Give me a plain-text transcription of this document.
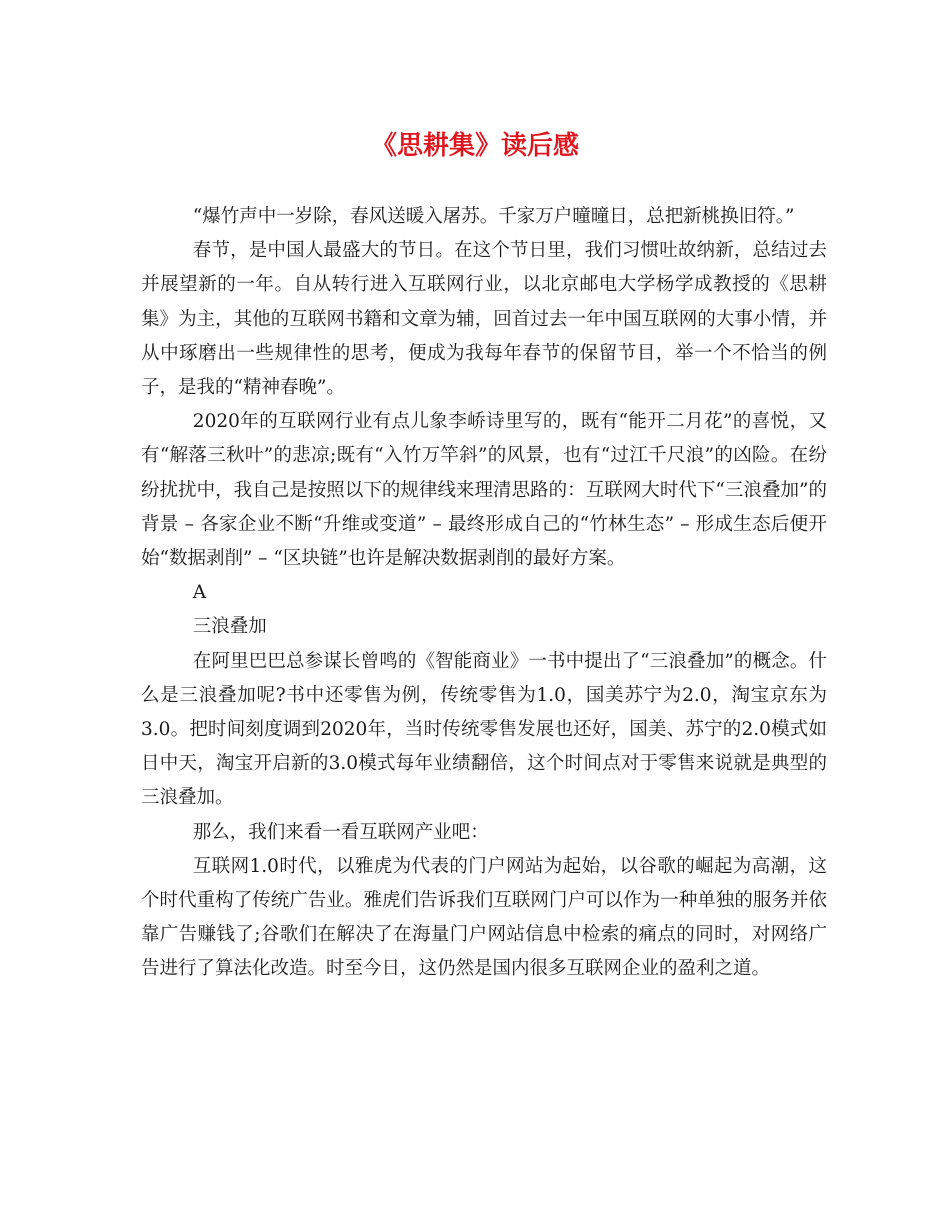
《思耕集》读后感

“爆竹声中一岁除，春风送暖入屠苏。千家万户曈曈日，总把新桃换旧符。”

春节，是中国人最盛大的节日。在这个节日里，我们习惯吐故纳新，总结过去并展望新的一年。自从转行进入互联网行业，以北京邮电大学杨学成教授的《思耕集》为主，其他的互联网书籍和文章为辅，回首过去一年中国互联网的大事小情，并从中琢磨出一些规律性的思考，便成为我每年春节的保留节目，举一个不恰当的例子，是我的“精神春晚”。

2020年的互联网行业有点儿象李峤诗里写的，既有“能开二月花”的喜悦，又有“解落三秋叶”的悲凉;既有“入竹万竿斜”的风景，也有“过江千尺浪”的凶险。在纷纷扰扰中，我自己是按照以下的规律线来理清思路的：互联网大时代下“三浪叠加”的背景 – 各家企业不断“升维或变道” – 最终形成自己的“竹林生态” – 形成生态后便开始“数据剥削” – “区块链”也许是解决数据剥削的最好方案。

A

三浪叠加

在阿里巴巴总参谋长曾鸣的《智能商业》一书中提出了“三浪叠加”的概念。什么是三浪叠加呢?书中还零售为例，传统零售为1.0，国美苏宁为2.0，淘宝京东为3.0。把时间刻度调到2020年，当时传统零售发展也还好，国美、苏宁的2.0模式如日中天，淘宝开启新的3.0模式每年业绩翻倍，这个时间点对于零售来说就是典型的三浪叠加。

那么，我们来看一看互联网产业吧：

互联网1.0时代，以雅虎为代表的门户网站为起始，以谷歌的崛起为高潮，这个时代重构了传统广告业。雅虎们告诉我们互联网门户可以作为一种单独的服务并依靠广告赚钱了;谷歌们在解决了在海量门户网站信息中检索的痛点的同时，对网络广告进行了算法化改造。时至今日，这仍然是国内很多互联网企业的盈利之道。
